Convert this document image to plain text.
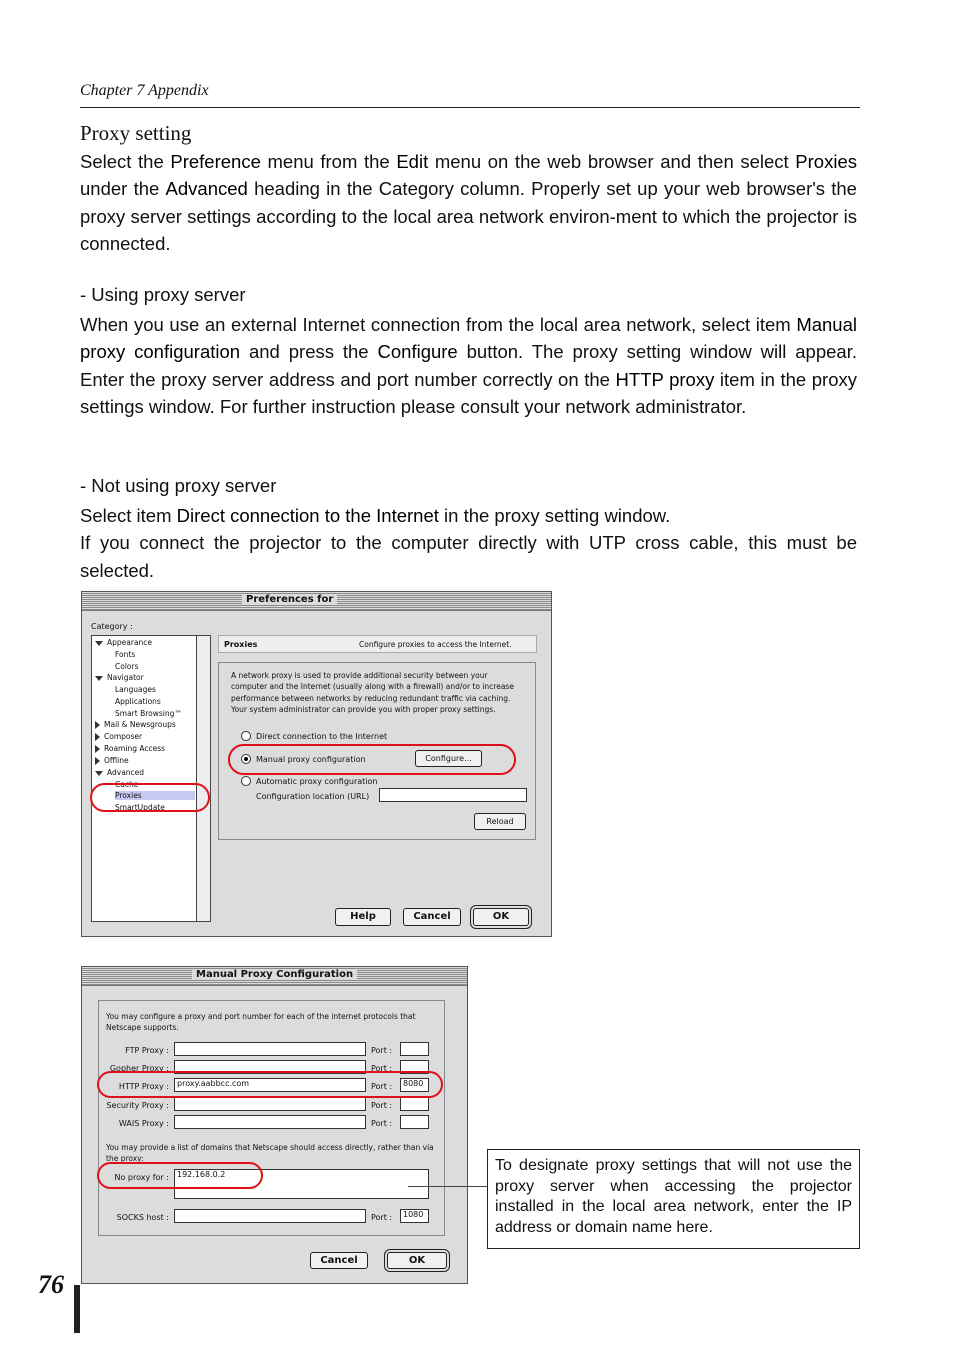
Chapter 7 Appendix
Proxy setting
Select the Preference menu from the Edit menu on the web browser and then select Proxies under the Advanced heading in the Category column. Properly set up your web browser's the proxy server settings according to the local area network environ-ment to which the projector is connected.
- Using proxy server
When you use an external Internet connection from the local area network, select item Manual proxy configuration and press the Configure button. The proxy setting window will appear. Enter the proxy server address and port number correctly on the HTTP proxy item in the proxy settings window. For further instruction please consult your network administrator.
- Not using proxy server
Select item Direct connection to the Internet in the proxy setting window.
If you connect the projector to the computer directly with UTP cross cable, this must be selected.
Preferences for
Category :
Appearance
Fonts
Colors
Navigator
Languages
Applications
Smart Browsing™
Mail & Newsgroups
Composer
Roaming Access
Offline
Advanced
Cache
Proxies
SmartUpdate
Proxies	Configure proxies to access the Internet.
A network proxy is used to provide additional security between your computer and the Internet (usually along with a firewall) and/or to increase performance between networks by reducing redundant traffic via caching. Your system administrator can provide you with proper proxy settings.
Direct connection to the Internet
Manual proxy configuration	Configure...
Automatic proxy configuration
Configuration location (URL)
Reload
Help	Cancel	OK
Manual Proxy Configuration
You may configure a proxy and port number for each of the internet protocols that Netscape supports.
FTP Proxy :	Port :
Gopher Proxy :	Port :
HTTP Proxy :	proxy.aabbcc.com	Port :	8080
Security Proxy :	Port :
WAIS Proxy :	Port :
You may provide a list of domains that Netscape should access directly, rather than via the proxy:
No proxy for :	192.168.0.2
SOCKS host :	Port :	1080
Cancel	OK
To designate proxy settings that will not use the proxy server when accessing the projector installed in the local area network, enter the IP address or domain name here.
76
